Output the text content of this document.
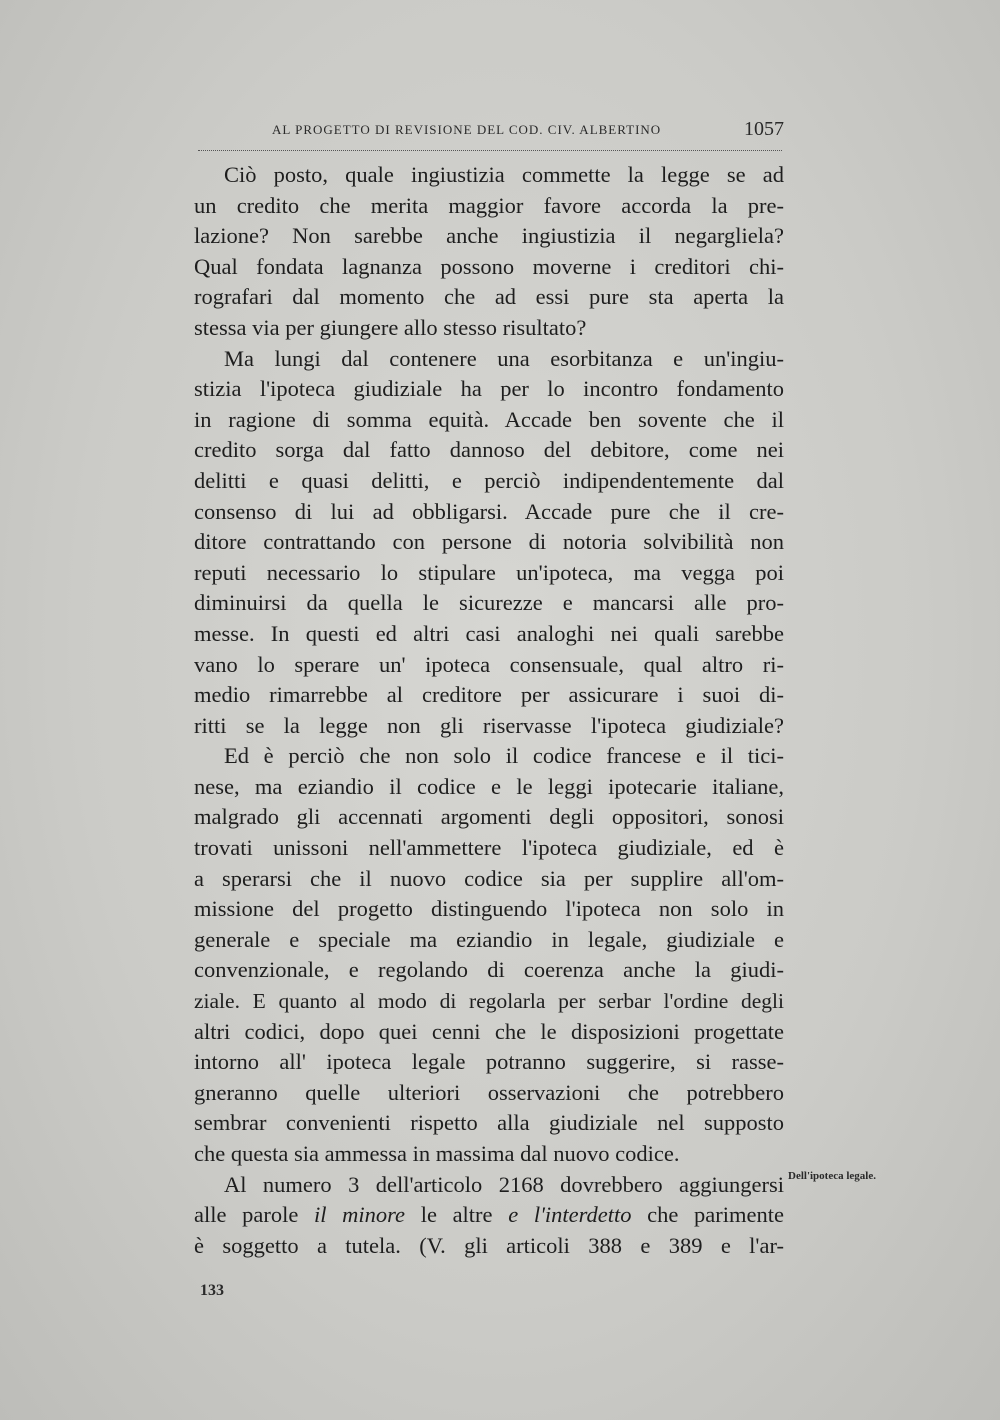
AL PROGETTO DI REVISIONE DEL COD. CIV. ALBERTINO	1057
Ciò posto, quale ingiustizia commette la legge se ad
un credito che merita maggior favore accorda la pre-
lazione? Non sarebbe anche ingiustizia il negargliela?
Qual fondata lagnanza possono moverne i creditori chi-
rografari dal momento che ad essi pure sta aperta la
stessa via per giungere allo stesso risultato?
Ma lungi dal contenere una esorbitanza e un'ingiu-
stizia l'ipoteca giudiziale ha per lo incontro fondamento
in ragione di somma equità. Accade ben sovente che il
credito sorga dal fatto dannoso del debitore, come nei
delitti e quasi delitti, e perciò indipendentemente dal
consenso di lui ad obbligarsi. Accade pure che il cre-
ditore contrattando con persone di notoria solvibilità non
reputi necessario lo stipulare un'ipoteca, ma vegga poi
diminuirsi da quella le sicurezze e mancarsi alle pro-
messe. In questi ed altri casi analoghi nei quali sarebbe
vano lo sperare un' ipoteca consensuale, qual altro ri-
medio rimarrebbe al creditore per assicurare i suoi di-
ritti se la legge non gli riservasse l'ipoteca giudiziale?
Ed è perciò che non solo il codice francese e il tici-
nese, ma eziandio il codice e le leggi ipotecarie italiane,
malgrado gli accennati argomenti degli oppositori, sonosi
trovati unissoni nell'ammettere l'ipoteca giudiziale, ed è
a sperarsi che il nuovo codice sia per supplire all'om-
missione del progetto distinguendo l'ipoteca non solo in
generale e speciale ma eziandio in legale, giudiziale e
convenzionale, e regolando di coerenza anche la giudi-
ziale. E quanto al modo di regolarla per serbar l'ordine degli
altri codici, dopo quei cenni che le disposizioni progettate
intorno all' ipoteca legale potranno suggerire, si rasse-
gneranno quelle ulteriori osservazioni che potrebbero
sembrar convenienti rispetto alla giudiziale nel supposto
che questa sia ammessa in massima dal nuovo codice.
Al numero 3 dell'articolo 2168 dovrebbero aggiungersi
alle parole il minore le altre e l'interdetto che parimente
è soggetto a tutela. (V. gli articoli 388 e 389 e l'ar-
Dell'ipoteca legale.
133
